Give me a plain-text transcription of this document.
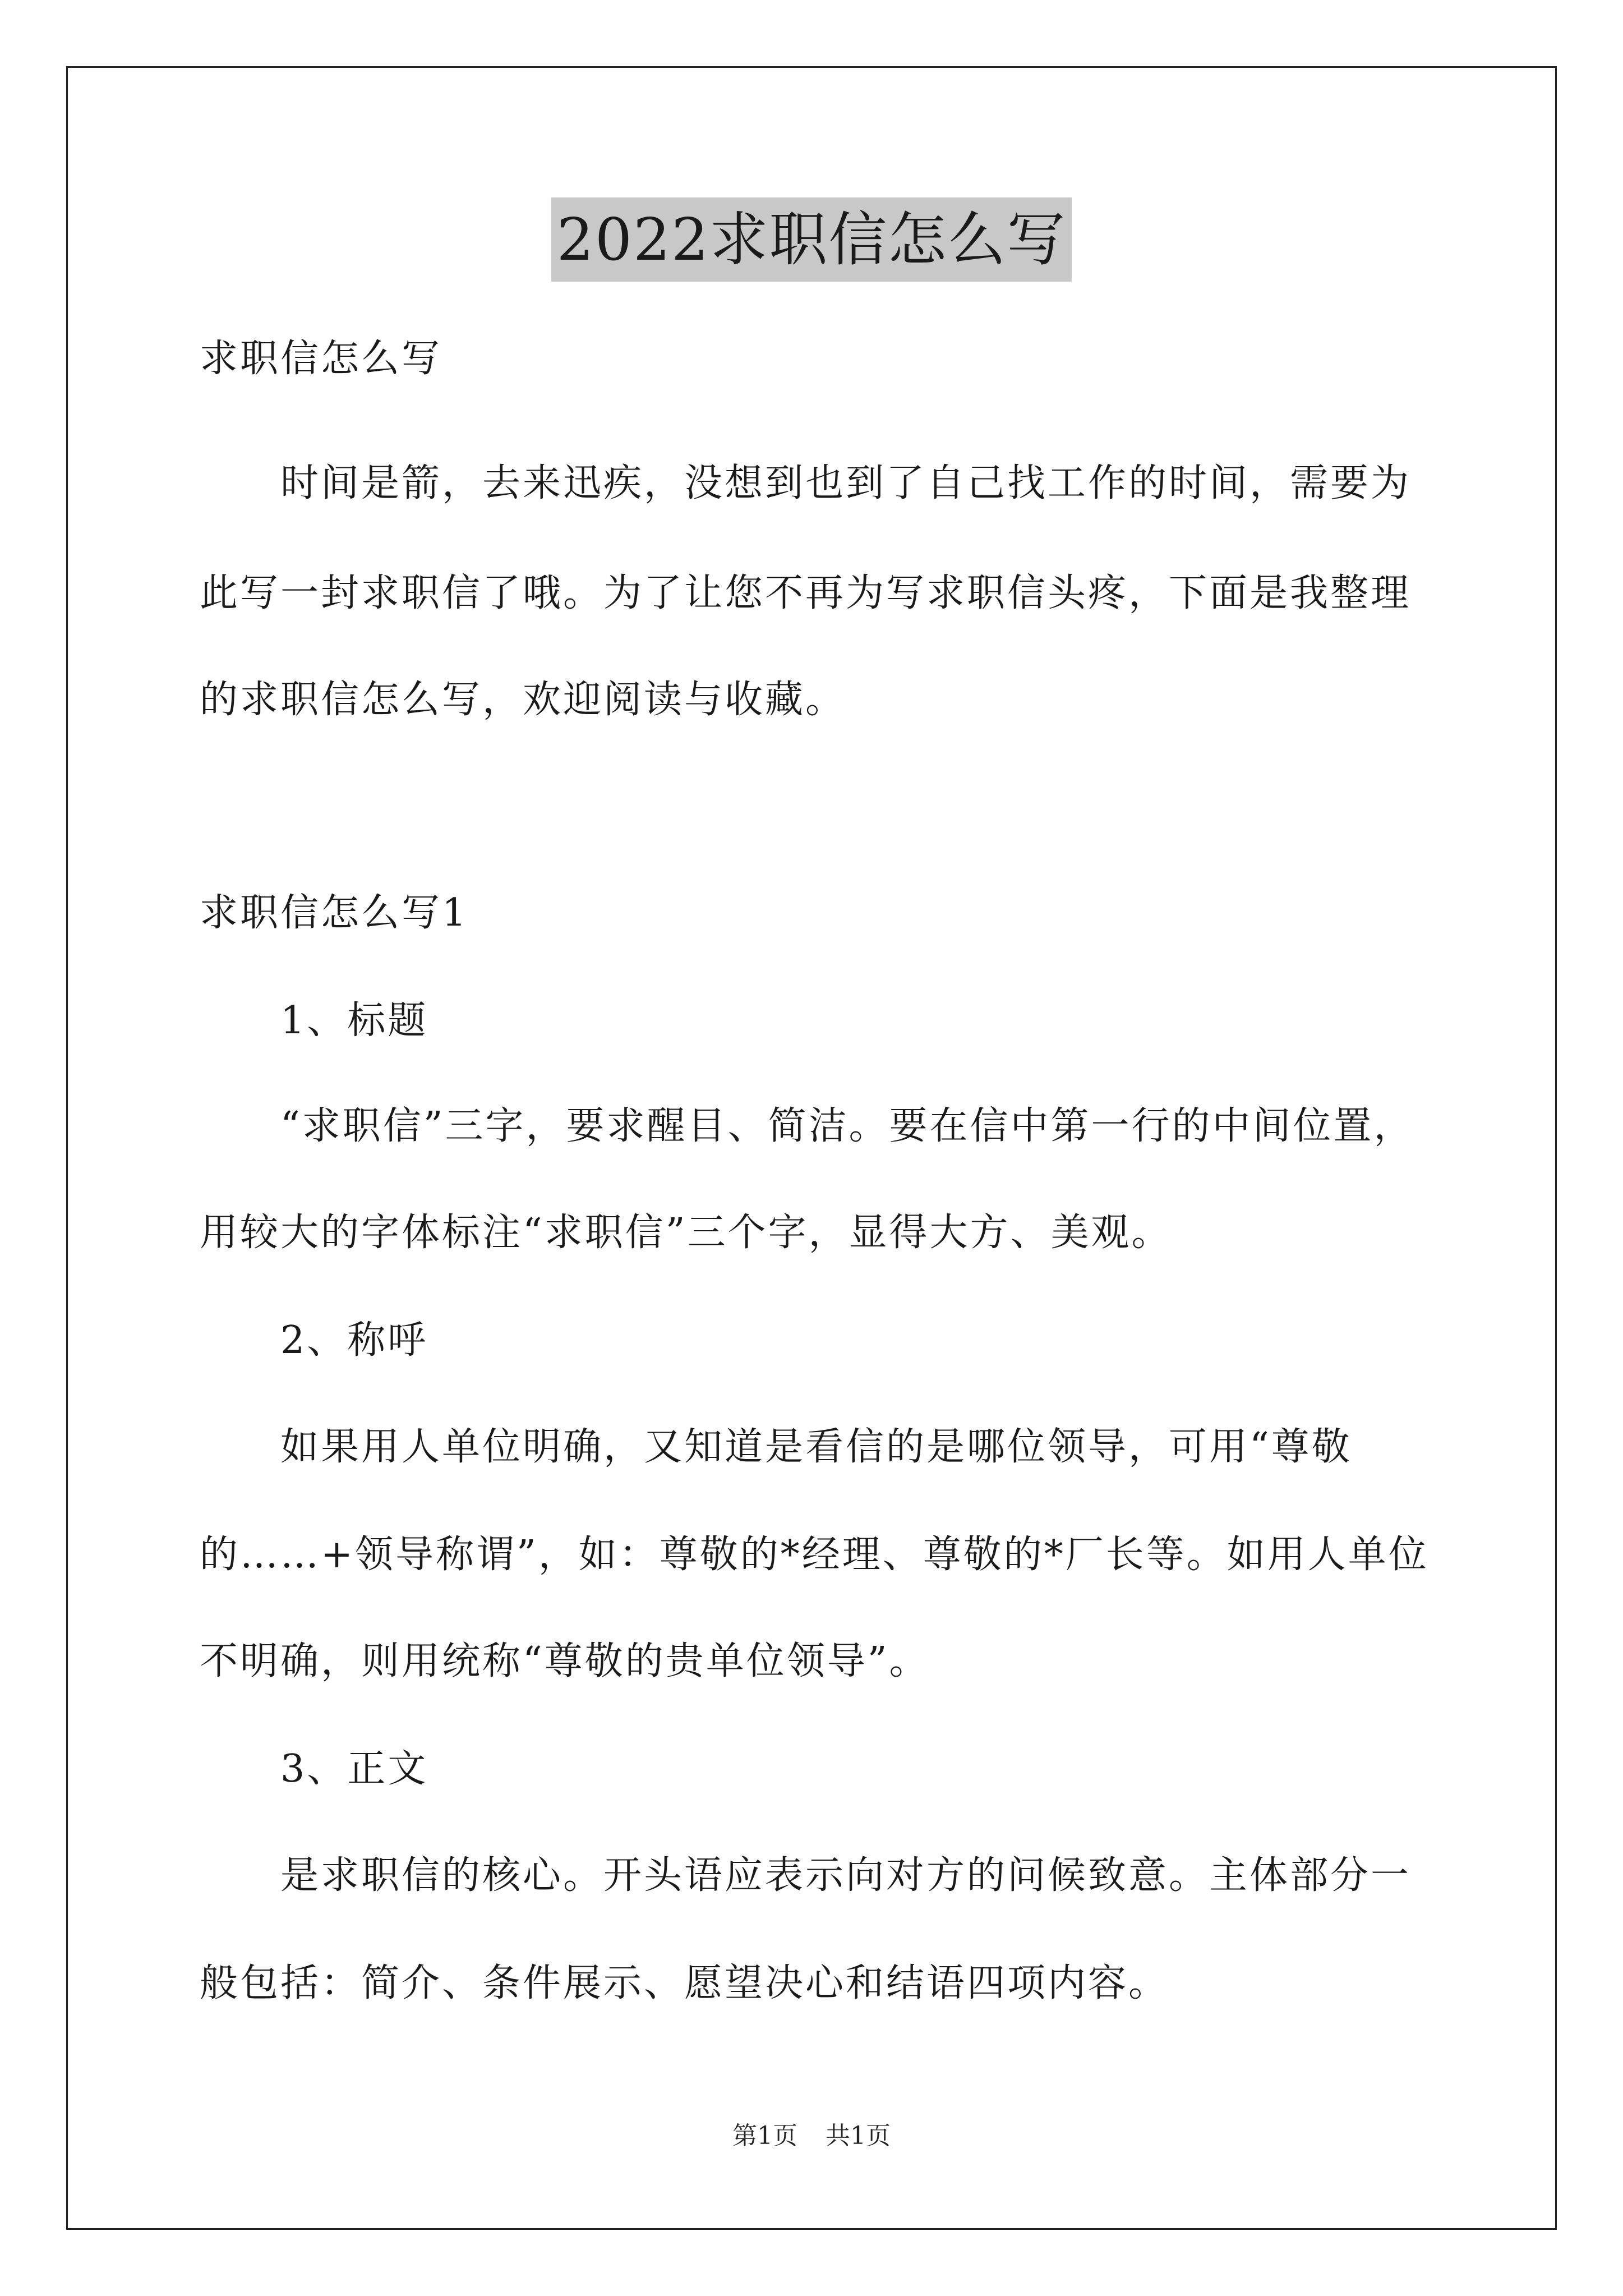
2022求职信怎么写
求职信怎么写
时间是箭，去来迅疾，没想到也到了自己找工作的时间，需要为
此写一封求职信了哦。为了让您不再为写求职信头疼，下面是我整理
的求职信怎么写，欢迎阅读与收藏。
求职信怎么写1
1、标题
“求职信”三字，要求醒目、简洁。要在信中第一行的中间位置，
用较大的字体标注“求职信”三个字，显得大方、美观。
2、称呼
如果用人单位明确，又知道是看信的是哪位领导，可用“尊敬
的……+领导称谓”，如：尊敬的*经理、尊敬的*厂长等。如用人单位
不明确，则用统称“尊敬的贵单位领导”。
3、正文
是求职信的核心。开头语应表示向对方的问候致意。主体部分一
般包括：简介、条件展示、愿望决心和结语四项内容。
第1页 共1页
